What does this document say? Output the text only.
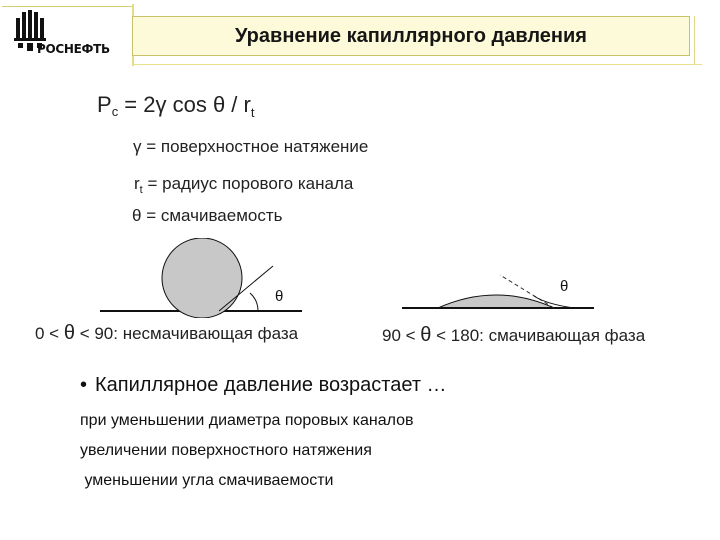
РОСНЕФТЬ
Уравнение капиллярного давления
Pc = 2γ cos θ / $r_t$
γ = поверхностное натяжение
$r_t$ = радиус порового канала
θ = смачиваемость
θ
0 < θ < 90: несмачивающая фаза
θ
90 < θ < 180: смачивающая фаза
• Капиллярное давление возрастает …
при уменьшении диаметра поровых каналов
увеличении поверхностного натяжения
уменьшении угла смачиваемости
